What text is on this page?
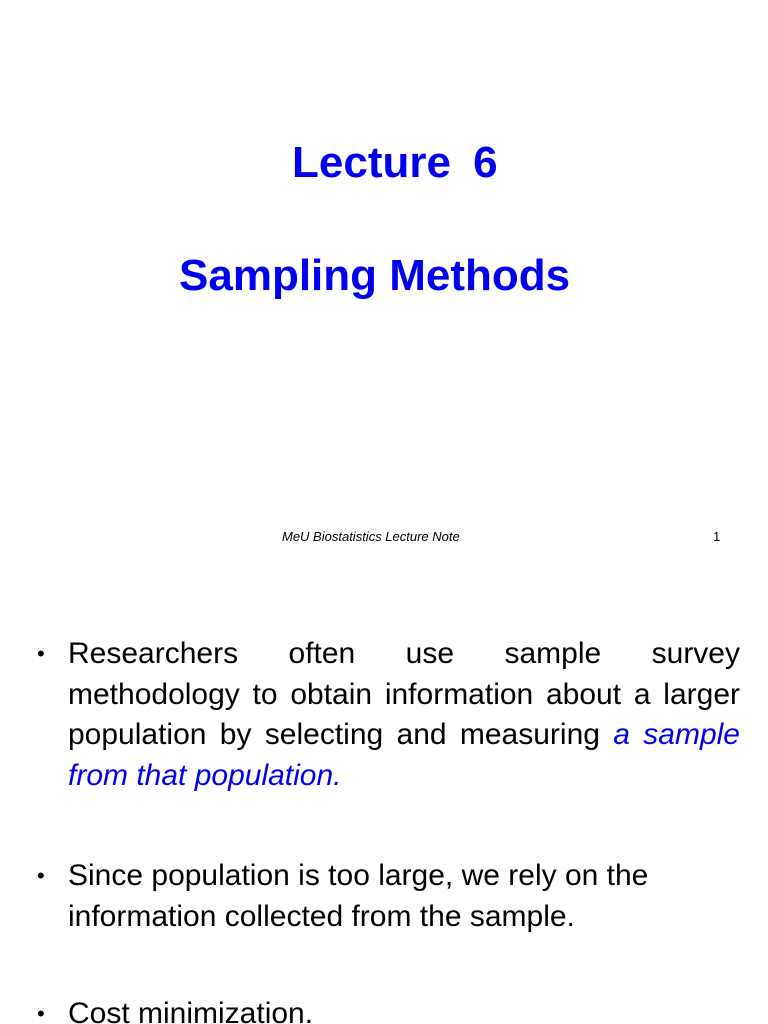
Lecture 6
Sampling Methods
MeU Biostatistics Lecture Note	1
• Researchers often use sample survey methodology to obtain information about a larger population by selecting and measuring a sample from that population.
• Since population is too large, we rely on the information collected from the sample.
• Cost minimization.
